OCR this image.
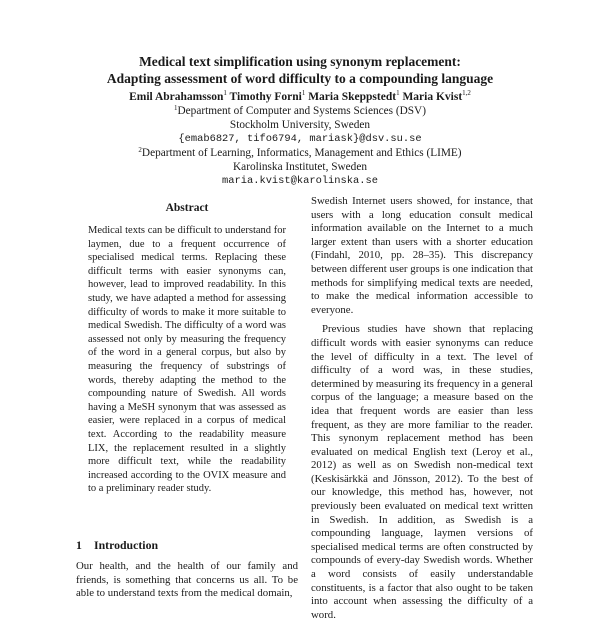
Medical text simplification using synonym replacement:
Adapting assessment of word difficulty to a compounding language
Emil Abrahamsson$^1$ Timothy Forni$^1$ Maria Skeppstedt$^1$ Maria Kvist$^{1,2}$
$^1$Department of Computer and Systems Sciences (DSV)
Stockholm University, Sweden
{emab6827, tifo6794, mariask}@dsv.su.se
$^2$Department of Learning, Informatics, Management and Ethics (LIME)
Karolinska Institutet, Sweden
maria.kvist@karolinska.se
Abstract
Medical texts can be difficult to understand for laymen, due to a frequent occurrence of specialised medical terms. Replacing these difficult terms with easier synonyms can, however, lead to improved readability. In this study, we have adapted a method for assessing difficulty of words to make it more suitable to medical Swedish. The difficulty of a word was assessed not only by measuring the frequency of the word in a general corpus, but also by measuring the frequency of substrings of words, thereby adapting the method to the compounding nature of Swedish. All words having a MeSH synonym that was assessed as easier, were replaced in a corpus of medical text. According to the readability measure LIX, the replacement resulted in a slightly more difficult text, while the readability increased according to the OVIX measure and to a preliminary reader study.
1 Introduction
Our health, and the health of our family and friends, is something that concerns us all. To be able to understand texts from the medical domain,

Swedish Internet users showed, for instance, that users with a long education consult medical information available on the Internet to a much larger extent than users with a shorter education (Findahl, 2010, pp. 28–35). This discrepancy between different user groups is one indication that methods for simplifying medical texts are needed, to make the medical information accessible to everyone.

Previous studies have shown that replacing difficult words with easier synonyms can reduce the level of difficulty in a text. The level of difficulty of a word was, in these studies, determined by measuring its frequency in a general corpus of the language; a measure based on the idea that frequent words are easier than less frequent, as they are more familiar to the reader. This synonym replacement method has been evaluated on medical English text (Leroy et al., 2012) as well as on Swedish non-medical text (Keskisärkkä and Jönsson, 2012). To the best of our knowledge, this method has, however, not previously been evaluated on medical text written in Swedish. In addition, as Swedish is a compounding language, laymen versions of specialised medical terms are often constructed by compounds of every-day Swedish words. Whether a word consists of easily understandable constituents, is a factor that also ought to be taken into account when assessing the difficulty of a word.
